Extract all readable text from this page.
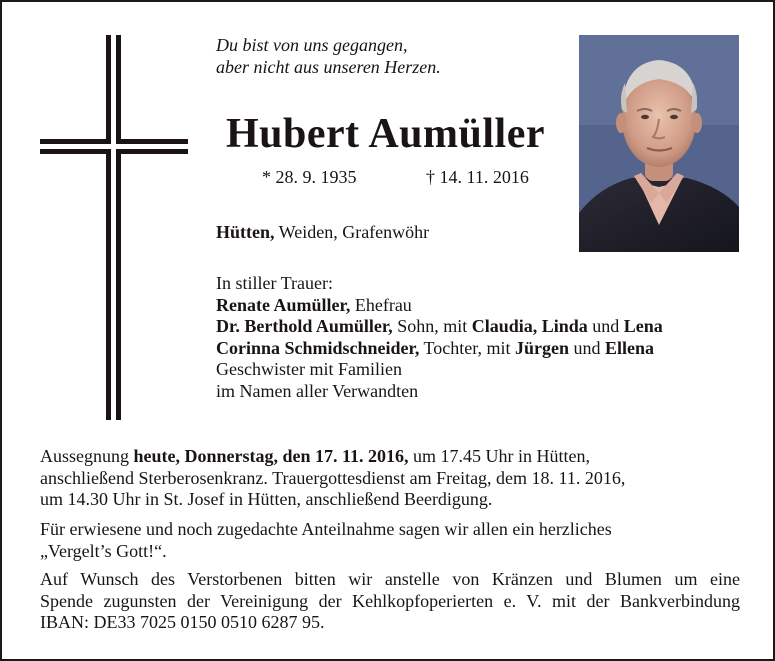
Du bist von uns gegangen,
aber nicht aus unseren Herzen.
Hubert Aumüller
* 28. 9. 1935	† 14. 11. 2016
Hütten, Weiden, Grafenwöhr
In stiller Trauer:
Renate Aumüller, Ehefrau
Dr. Berthold Aumüller, Sohn, mit Claudia, Linda und Lena
Corinna Schmidschneider, Tochter, mit Jürgen und Ellena
Geschwister mit Familien
im Namen aller Verwandten
Aussegnung heute, Donnerstag, den 17. 11. 2016, um 17.45 Uhr in Hütten,
anschließend Sterberosenkranz. Trauergottesdienst am Freitag, dem 18. 11. 2016,
um 14.30 Uhr in St. Josef in Hütten, anschließend Beerdigung.
Für erwiesene und noch zugedachte Anteilnahme sagen wir allen ein herzliches
„Vergelt’s Gott!“.
Auf Wunsch des Verstorbenen bitten wir anstelle von Kränzen und Blumen um eine
Spende zugunsten der Vereinigung der Kehlkopfoperierten e. V. mit der Bankverbindung
IBAN: DE33 7025 0150 0510 6287 95.
